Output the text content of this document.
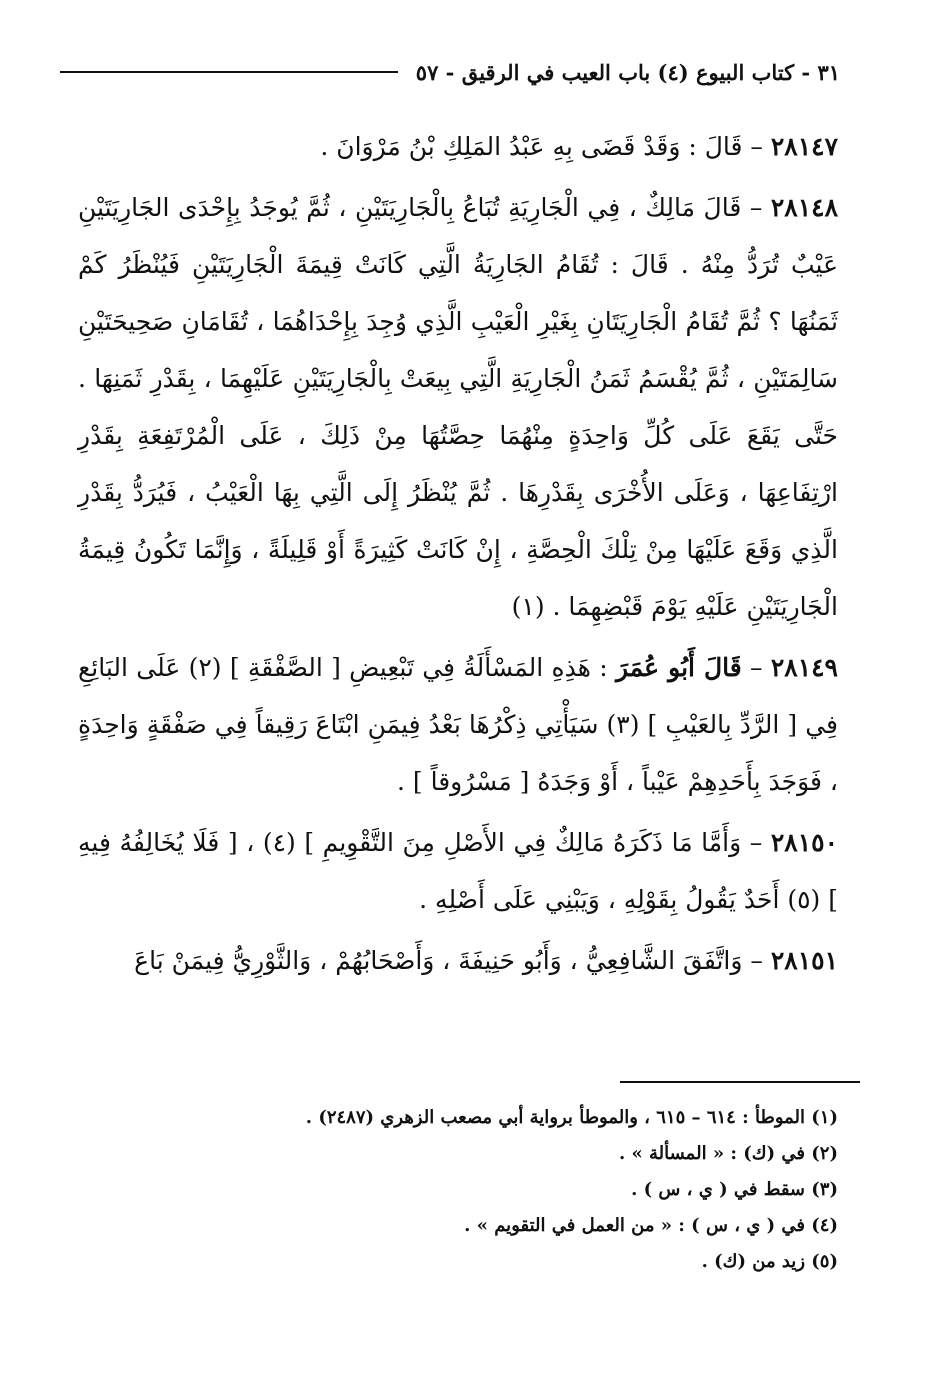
٣١ - كتاب البيوع (٤) باب العيب في الرقيق - ٥٧

٢٨١٤٧ – قَالَ : وَقَدْ قَضَى بِهِ عَبْدُ المَلِكِ بْنُ مَرْوَانَ .

٢٨١٤٨ – قَالَ مَالِكٌ ، فِي الْجَارِيَةِ تُبَاعُ بِالْجَارِيَتَيْنِ ، ثُمَّ يُوجَدُ بِإِحْدَى الجَارِيَتَيْنِ عَيْبٌ تُرَدُّ مِنْهُ . قَالَ : تُقَامُ الجَارِيَةُ الَّتِي كَانَتْ قِيمَةَ الْجَارِيَتَيْنِ فَيُنْظَرُ كَمْ ثَمَنُهَا ؟ ثُمَّ تُقَامُ الْجَارِيَتَانِ بِغَيْرِ الْعَيْبِ الَّذِي وُجِدَ بِإِحْدَاهُمَا ، تُقَامَانِ صَحِيحَتَيْنِ سَالِمَتَيْنِ ، ثُمَّ يُقْسَمُ ثَمَنُ الْجَارِيَةِ الَّتِي بِيعَتْ بِالْجَارِيَتَيْنِ عَلَيْهِمَا ، بِقَدْرِ ثَمَنِهَا . حَتَّى يَقَعَ عَلَى كُلِّ وَاحِدَةٍ مِنْهُمَا حِصَّتُهَا مِنْ ذَلِكَ ، عَلَى الْمُرْتَفِعَةِ بِقَدْرِ ارْتِفَاعِهَا ، وَعَلَى الأُخْرَى بِقَدْرِهَا . ثُمَّ يُنْظَرُ إِلَى الَّتِي بِهَا الْعَيْبُ ، فَيُرَدُّ بِقَدْرِ الَّذِي وَقَعَ عَلَيْهَا مِنْ تِلْكَ الْحِصَّةِ ، إِنْ كَانَتْ كَثِيرَةً أَوْ قَلِيلَةً ، وَإِنَّمَا تَكُونُ قِيمَةُ الْجَارِيَتَيْنِ عَلَيْهِ يَوْمَ قَبْضِهِمَا . (١)

٢٨١٤٩ – قَالَ أَبُو عُمَرَ : هَذِهِ المَسْأَلَةُ فِي تَبْعِيضِ [ الصَّفْقَةِ ] (٢) عَلَى البَائِعِ فِي [ الرَّدِّ بِالعَيْبِ ] (٣) سَيَأْتِي ذِكْرُهَا بَعْدُ فِيمَنِ ابْتَاعَ رَقِيقاً فِي صَفْقَةٍ وَاحِدَةٍ ، فَوَجَدَ بِأَحَدِهِمْ عَيْباً ، أَوْ وَجَدَهُ [ مَسْرُوقاً ] .

٢٨١٥٠ – وَأَمَّا مَا ذَكَرَهُ مَالِكٌ فِي الأَصْلِ مِنَ التَّقْوِيمِ ] (٤) ، [ فَلَا يُخَالِفُهُ فِيهِ ] (٥) أَحَدٌ يَقُولُ بِقَوْلِهِ ، وَيَبْنِي عَلَى أَصْلِهِ .

٢٨١٥١ – وَاتَّفَقَ الشَّافِعِيُّ ، وَأَبُو حَنِيفَةَ ، وَأَصْحَابُهُمْ ، وَالثَّوْرِيُّ فِيمَنْ بَاعَ

(١) الموطأ : ٦١٤ – ٦١٥ ، والموطأ برواية أبي مصعب الزهري (٢٤٨٧) .

(٢) في (ك) : « المسألة » .

(٣) سقط في ( ي ، س ) .

(٤) في ( ي ، س ) : « من العمل في التقويم » .

(٥) زيد من (ك) .
